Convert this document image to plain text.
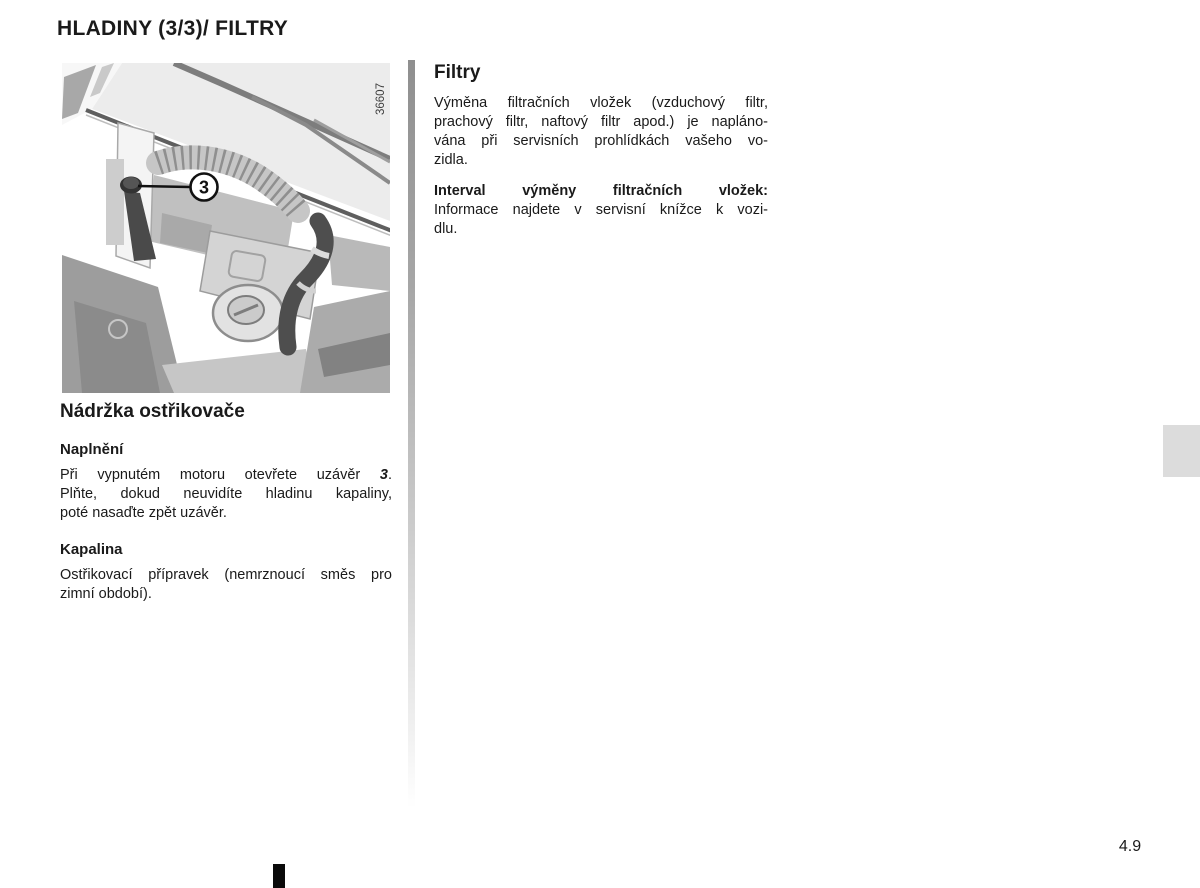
HLADINY (3/3)/ FILTRY
3
36607
Nádržka ostřikovače
Naplnění
Při vypnutém motoru otevřete uzávěr 3.
Plňte, dokud neuvidíte hladinu kapaliny,
poté nasaďte zpět uzávěr.
Kapalina
Ostřikovací přípravek (nemrznoucí směs pro
zimní období).
Filtry
Výměna filtračních vložek (vzduchový filtr,
prachový filtr, naftový filtr apod.) je napláno-
vána při servisních prohlídkách vašeho vo-
zidla.
Interval výměny filtračních vložek:
Informace najdete v servisní knížce k vozi-
dlu.
4.9
